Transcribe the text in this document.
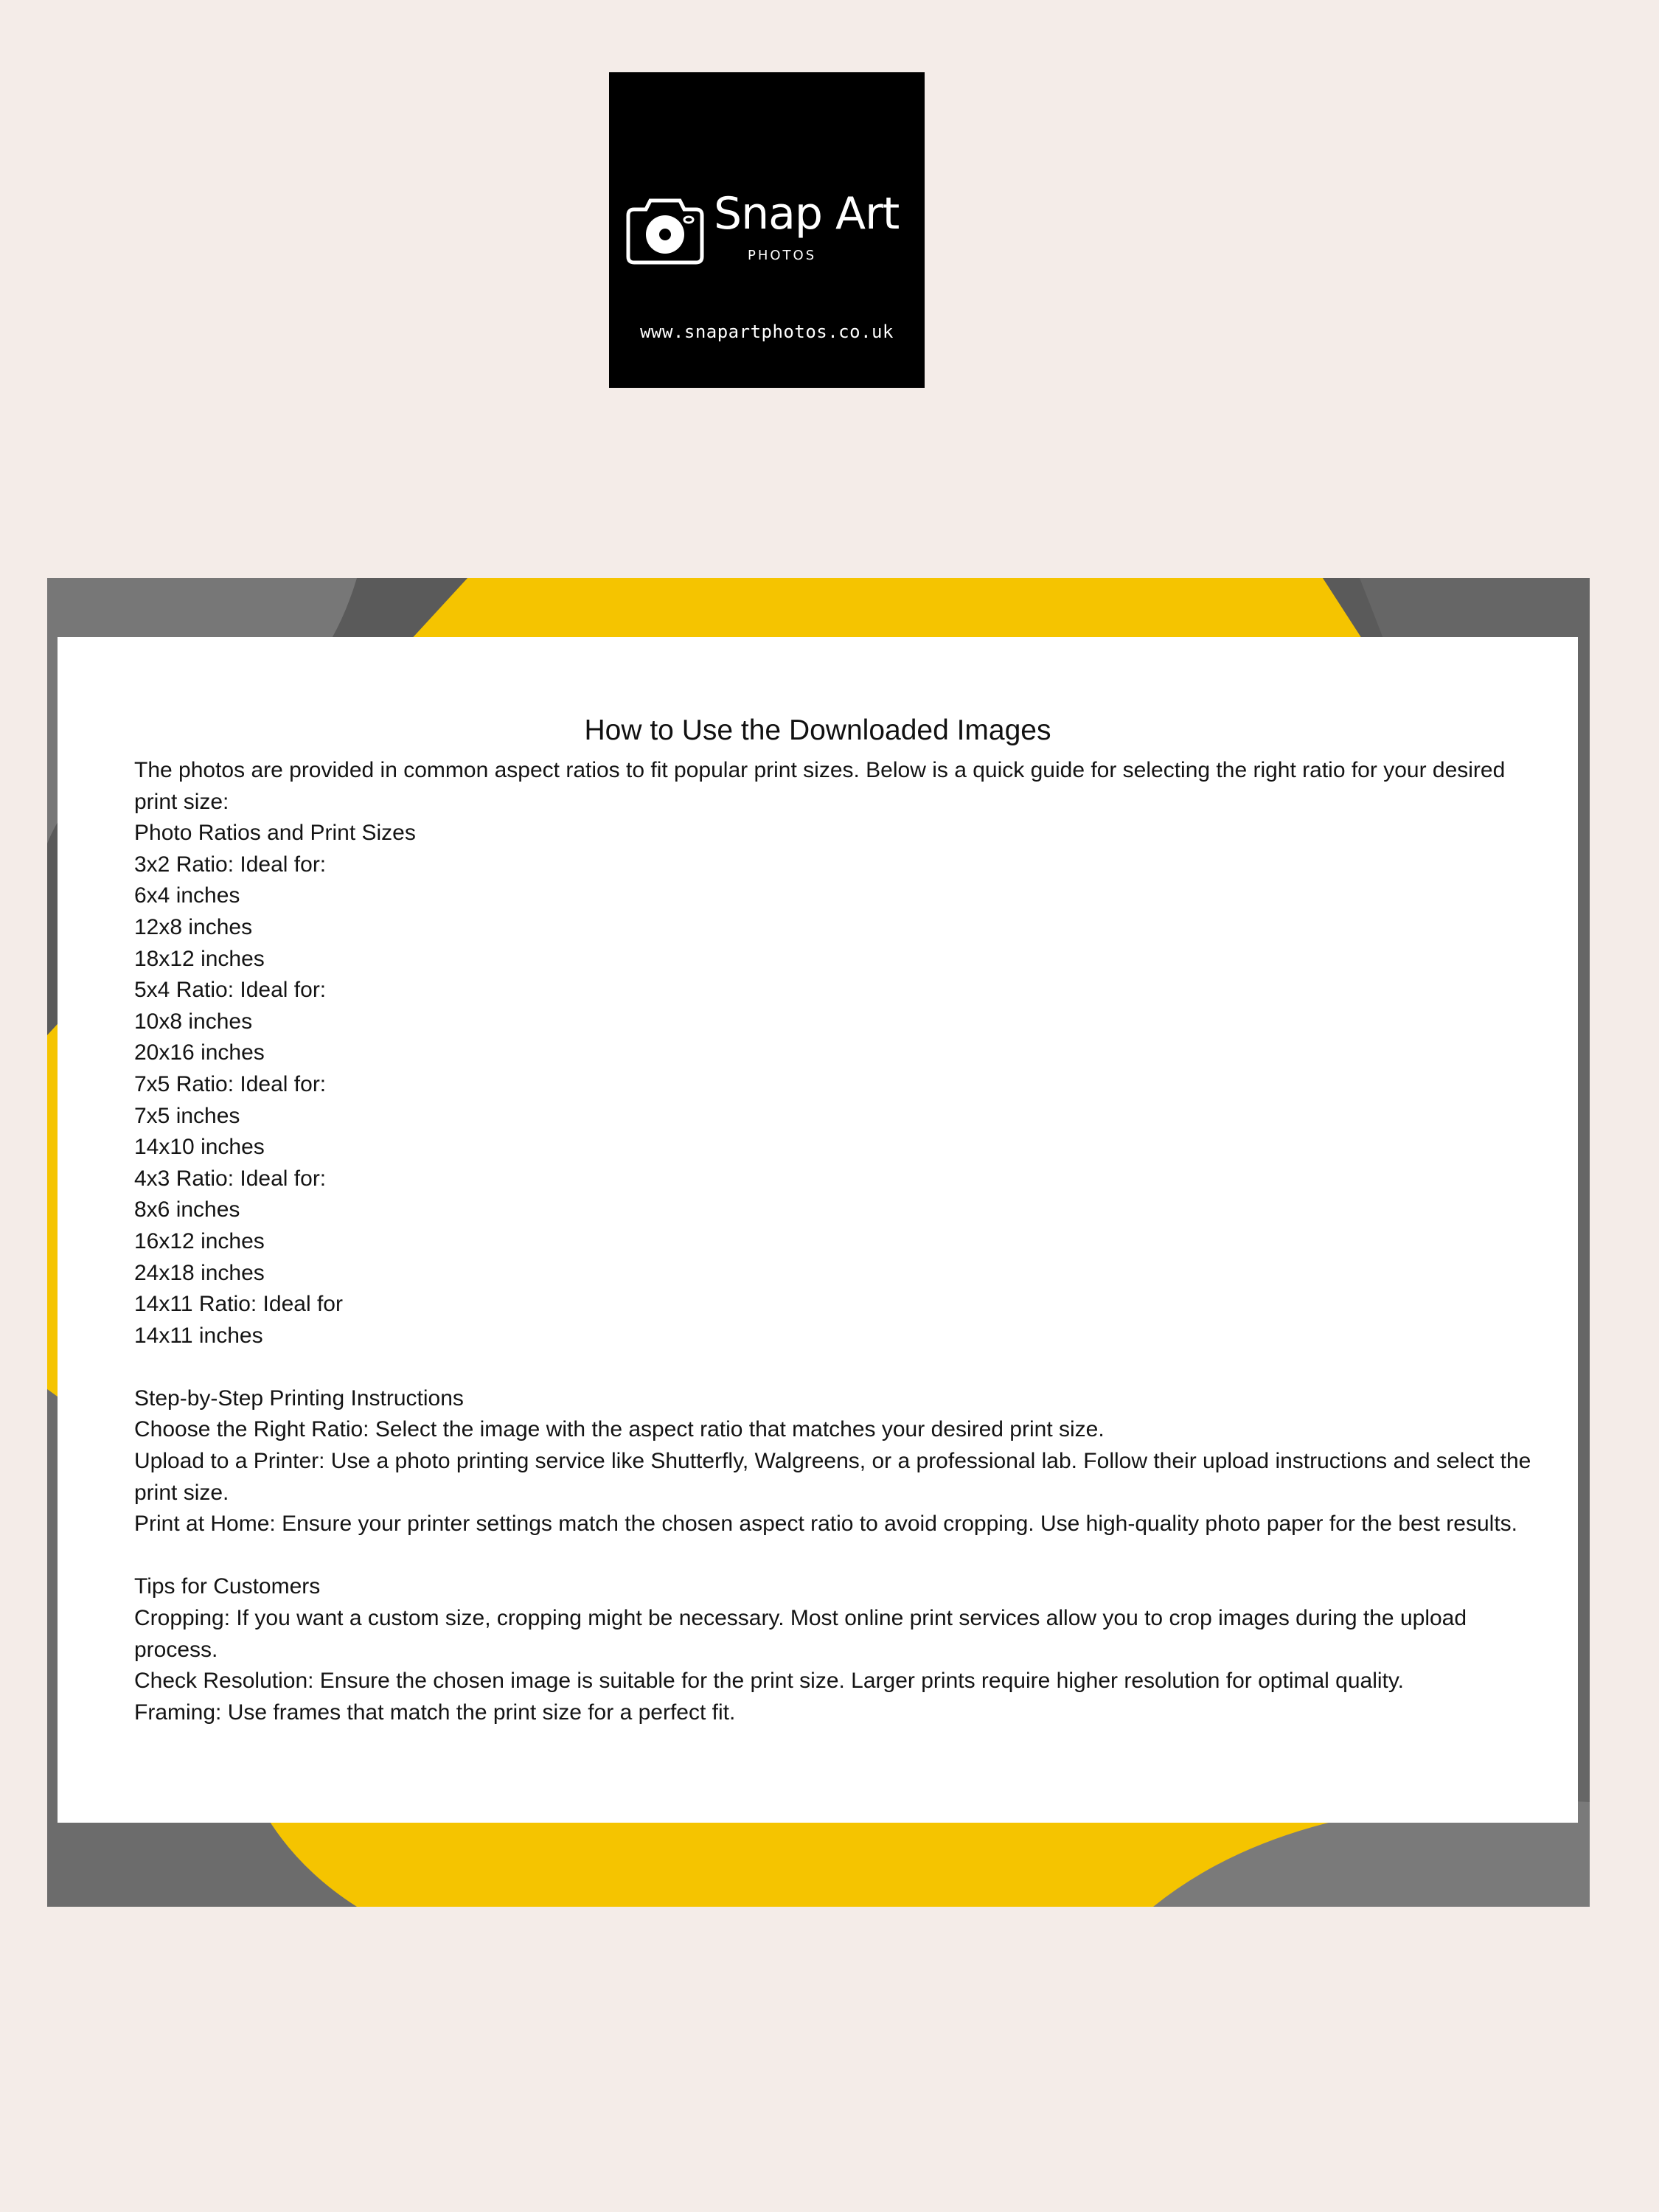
Snap Art
PHOTOS
www.snapartphotos.co.uk
How to Use the Downloaded Images
The photos are provided in common aspect ratios to fit popular print sizes. Below is a quick guide for selecting the right ratio for your desired print size:
Photo Ratios and Print Sizes
3x2 Ratio: Ideal for:
6x4 inches
12x8 inches
18x12 inches
5x4 Ratio: Ideal for:
10x8 inches
20x16 inches
7x5 Ratio: Ideal for:
7x5 inches
14x10 inches
4x3 Ratio: Ideal for:
8x6 inches
16x12 inches
24x18 inches
14x11 Ratio: Ideal for
14x11 inches
Step-by-Step Printing Instructions
Choose the Right Ratio: Select the image with the aspect ratio that matches your desired print size.
Upload to a Printer: Use a photo printing service like Shutterfly, Walgreens, or a professional lab. Follow their upload instructions and select the print size.
Print at Home: Ensure your printer settings match the chosen aspect ratio to avoid cropping. Use high-quality photo paper for the best results.
Tips for Customers
Cropping: If you want a custom size, cropping might be necessary. Most online print services allow you to crop images during the upload process.
Check Resolution: Ensure the chosen image is suitable for the print size. Larger prints require higher resolution for optimal quality.
Framing: Use frames that match the print size for a perfect fit.
